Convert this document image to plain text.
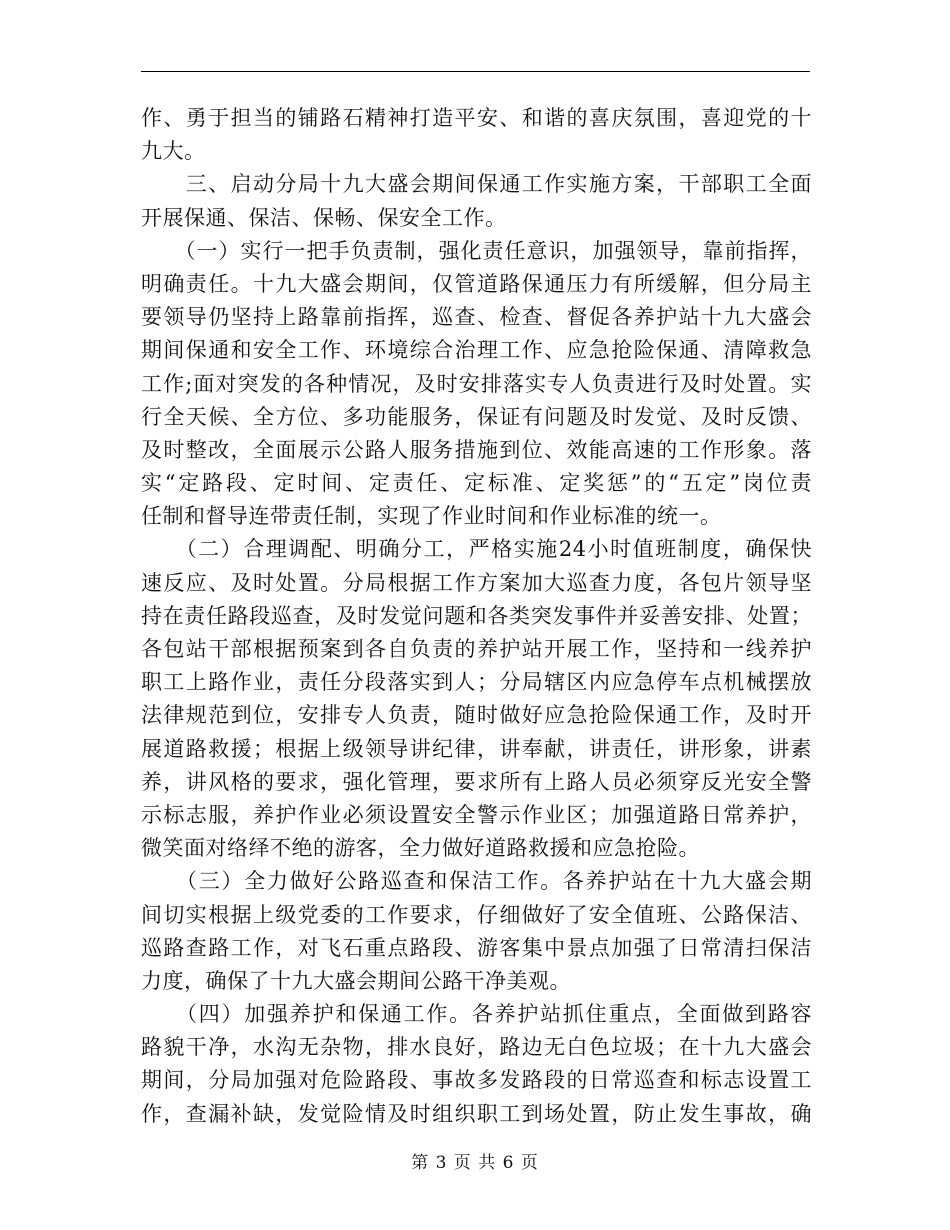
作、勇于担当的铺路石精神打造平安、和谐的喜庆氛围，喜迎党的十
九大。
　　三、启动分局十九大盛会期间保通工作实施方案，干部职工全面
开展保通、保洁、保畅、保安全工作。
　　（一）实行一把手负责制，强化责任意识，加强领导，靠前指挥，
明确责任。十九大盛会期间，仅管道路保通压力有所缓解，但分局主
要领导仍坚持上路靠前指挥，巡查、检查、督促各养护站十九大盛会
期间保通和安全工作、环境综合治理工作、应急抢险保通、清障救急
工作;面对突发的各种情况，及时安排落实专人负责进行及时处置。实
行全天候、全方位、多功能服务，保证有问题及时发觉、及时反馈、
及时整改，全面展示公路人服务措施到位、效能高速的工作形象。落
实“定路段、定时间、定责任、定标准、定奖惩”的“五定”岗位责
任制和督导连带责任制，实现了作业时间和作业标准的统一。
　　（二）合理调配、明确分工，严格实施24小时值班制度，确保快
速反应、及时处置。分局根据工作方案加大巡查力度，各包片领导坚
持在责任路段巡查，及时发觉问题和各类突发事件并妥善安排、处置；
各包站干部根据预案到各自负责的养护站开展工作，坚持和一线养护
职工上路作业，责任分段落实到人；分局辖区内应急停车点机械摆放
法律规范到位，安排专人负责，随时做好应急抢险保通工作，及时开
展道路救援；根据上级领导讲纪律，讲奉献，讲责任，讲形象，讲素
养，讲风格的要求，强化管理，要求所有上路人员必须穿反光安全警
示标志服，养护作业必须设置安全警示作业区；加强道路日常养护，
微笑面对络绎不绝的游客，全力做好道路救援和应急抢险。
　　（三）全力做好公路巡查和保洁工作。各养护站在十九大盛会期
间切实根据上级党委的工作要求，仔细做好了安全值班、公路保洁、
巡路查路工作，对飞石重点路段、游客集中景点加强了日常清扫保洁
力度，确保了十九大盛会期间公路干净美观。
　　（四）加强养护和保通工作。各养护站抓住重点，全面做到路容
路貌干净，水沟无杂物，排水良好，路边无白色垃圾；在十九大盛会
期间，分局加强对危险路段、事故多发路段的日常巡查和标志设置工
作，查漏补缺，发觉险情及时组织职工到场处置，防止发生事故，确
第 3 页 共 6 页
